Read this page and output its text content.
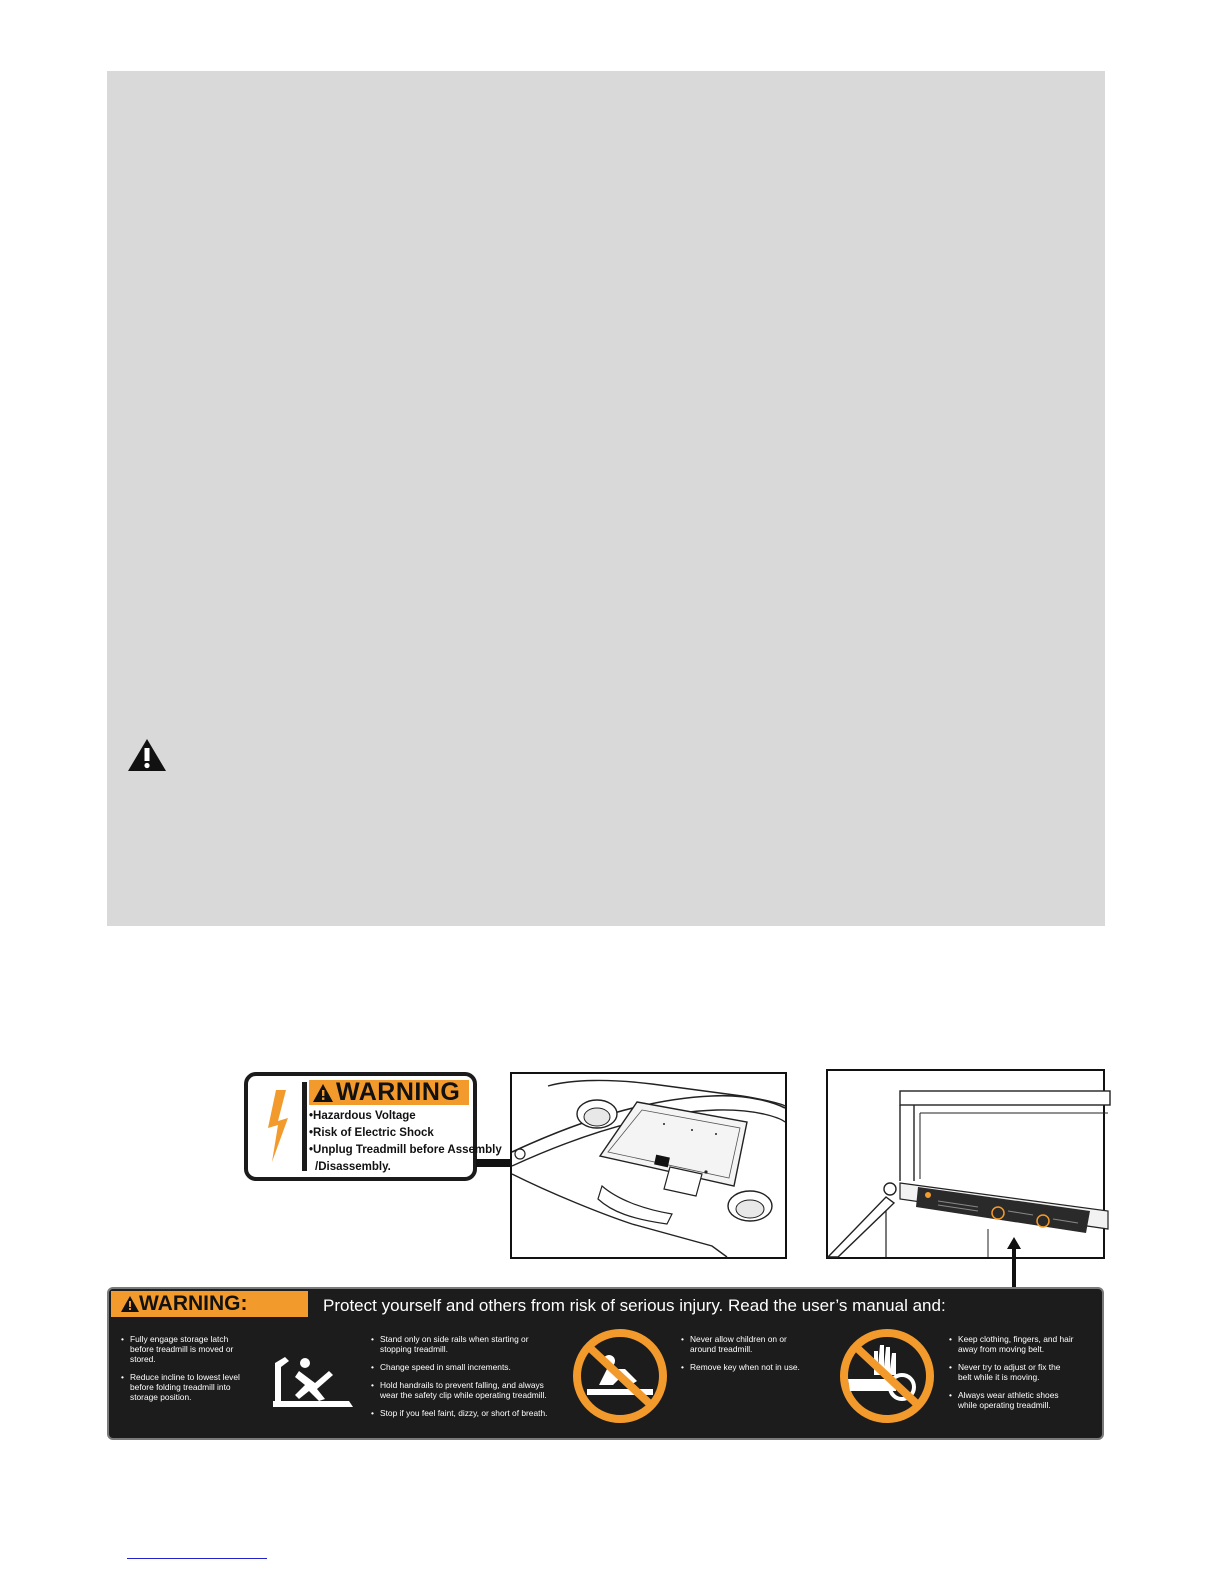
WARNING
•Hazardous Voltage
•Risk of Electric Shock
•Unplug Treadmill before Assembly
/Disassembly.
WARNING:	Protect yourself and others from risk of serious injury. Read the user’s manual and:
• Fully engage storage latch
before treadmill is moved or
stored.
• Reduce incline to lowest level
before folding treadmill into
storage position.
• Stand only on side rails when starting or
stopping treadmill.
• Change speed in small increments.
• Hold handrails to prevent falling, and always
wear the safety clip while operating treadmill.
• Stop if you feel faint, dizzy, or short of breath.
• Never allow children on or
around treadmill.
• Remove key when not in use.
• Keep clothing, fingers, and hair
away from moving belt.
• Never try to adjust or fix the
belt while it is moving.
• Always wear athletic shoes
while operating treadmill.
